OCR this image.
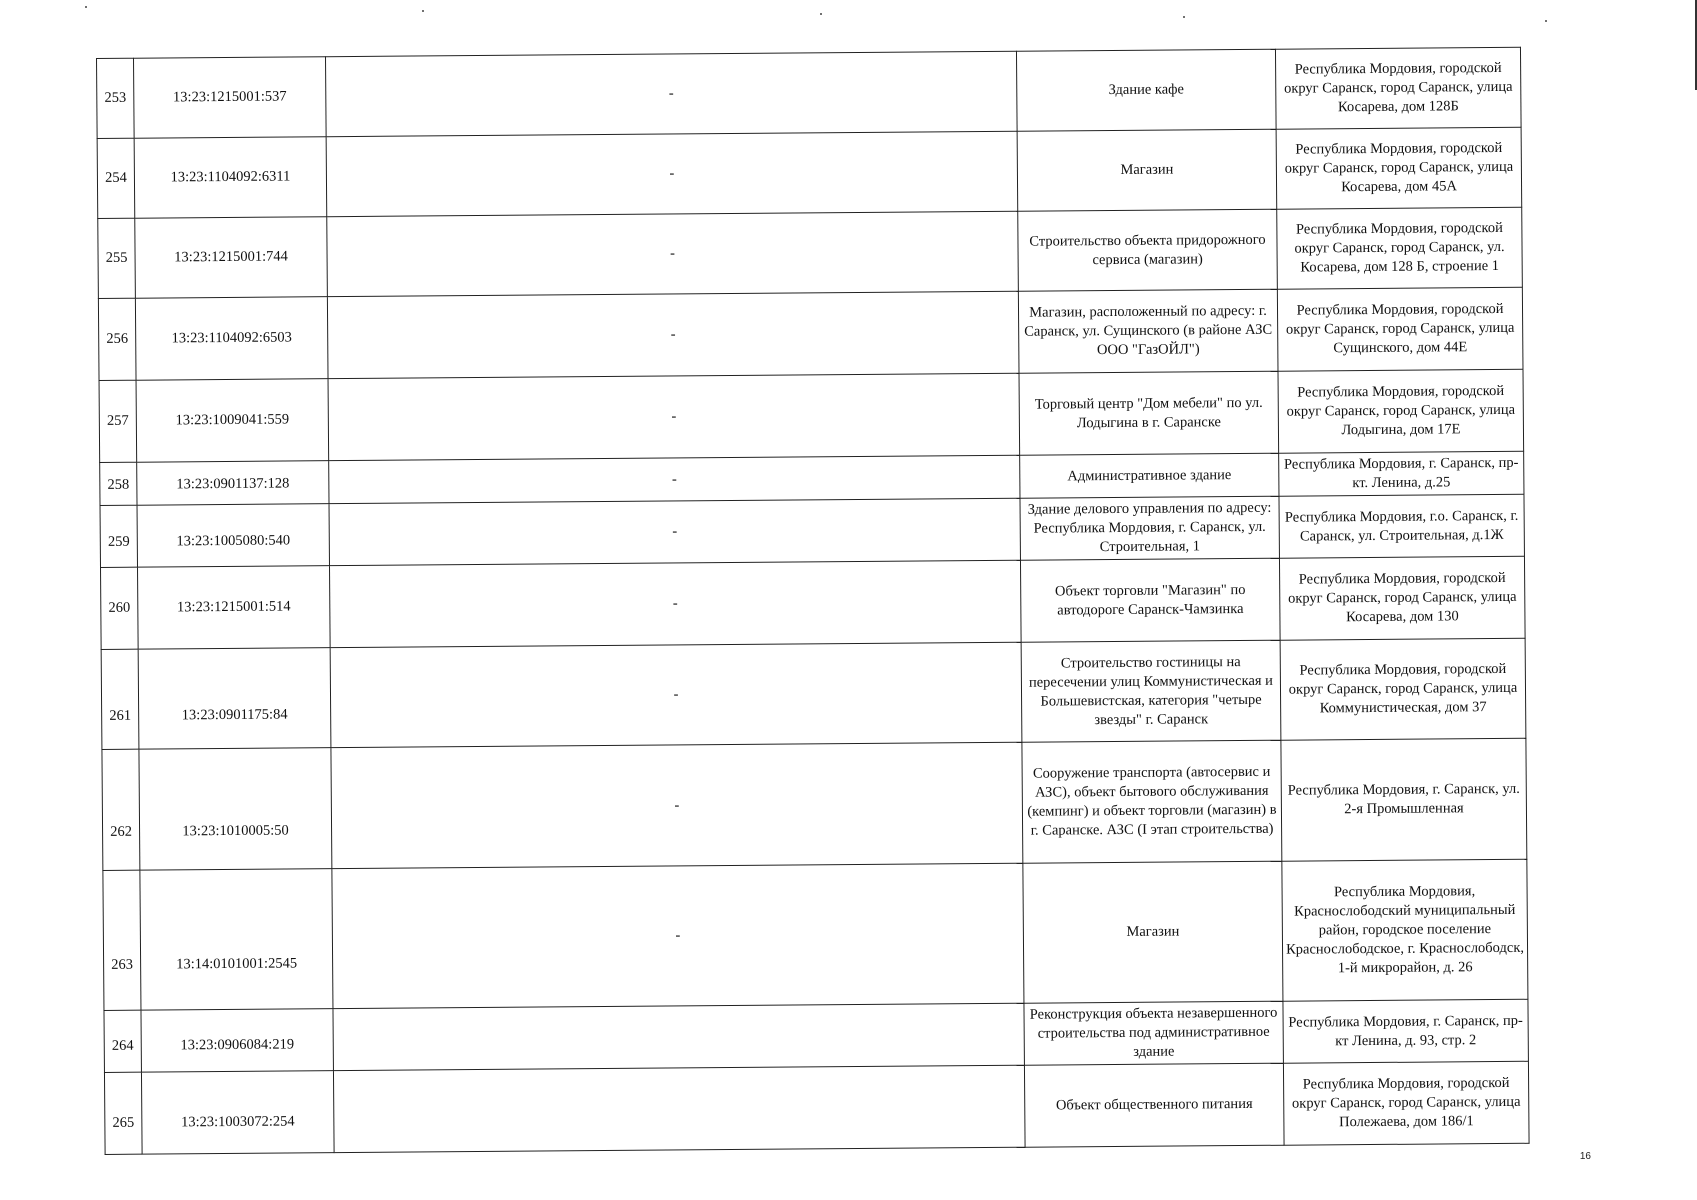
253	13:23:1215001:537	-	Здание кафе	Республика Мордовия, городской округ Саранск, город Саранск, улица Косарева, дом 128Б
254	13:23:1104092:6311	-	Магазин	Республика Мордовия, городской округ Саранск, город Саранск, улица Косарева, дом 45А
255	13:23:1215001:744	-	Строительство объекта придорожного сервиса (магазин)	Республика Мордовия, городской округ Саранск, город Саранск, ул. Косарева, дом 128 Б, строение 1
256	13:23:1104092:6503	-	Магазин, расположенный по адресу: г. Саранск, ул. Сущинского (в районе АЗС ООО "ГазОЙЛ")	Республика Мордовия, городской округ Саранск, город Саранск, улица Сущинского, дом 44Е
257	13:23:1009041:559	-	Торговый центр "Дом мебели" по ул. Лодыгина в г. Саранске	Республика Мордовия, городской округ Саранск, город Саранск, улица Лодыгина, дом 17Е
258	13:23:0901137:128	-	Административное здание	Республика Мордовия, г. Саранск, пр-кт. Ленина, д.25
259	13:23:1005080:540	-	Здание делового управления по адресу: Республика Мордовия, г. Саранск, ул. Строительная, 1	Республика Мордовия, г.о. Саранск, г. Саранск, ул. Строительная, д.1Ж
260	13:23:1215001:514	-	Объект торговли "Магазин" по автодороге Саранск-Чамзинка	Республика Мордовия, городской округ Саранск, город Саранск, улица Косарева, дом 130
261	13:23:0901175:84	-	Строительство гостиницы на пересечении улиц Коммунистическая и Большевистская, категория "четыре звезды" г. Саранск	Республика Мордовия, городской округ Саранск, город Саранск, улица Коммунистическая, дом 37
262	13:23:1010005:50	-	Сооружение транспорта (автосервис и АЗС), объект бытового обслуживания (кемпинг) и объект торговли (магазин) в г. Саранске. АЗС (I этап строительства)	Республика Мордовия, г. Саранск, ул. 2-я Промышленная
263	13:14:0101001:2545	-	Магазин	Республика Мордовия, Краснослободский муниципальный район, городское поселение Краснослободское, г. Краснослободск, 1-й микрорайон, д. 26
264	13:23:0906084:219		Реконструкция объекта незавершенного строительства под административное здание	Республика Мордовия, г. Саранск, пр-кт Ленина, д. 93, стр. 2
265	13:23:1003072:254		Объект общественного питания	Республика Мордовия, городской округ Саранск, город Саранск, улица Полежаева, дом 186/1
16
